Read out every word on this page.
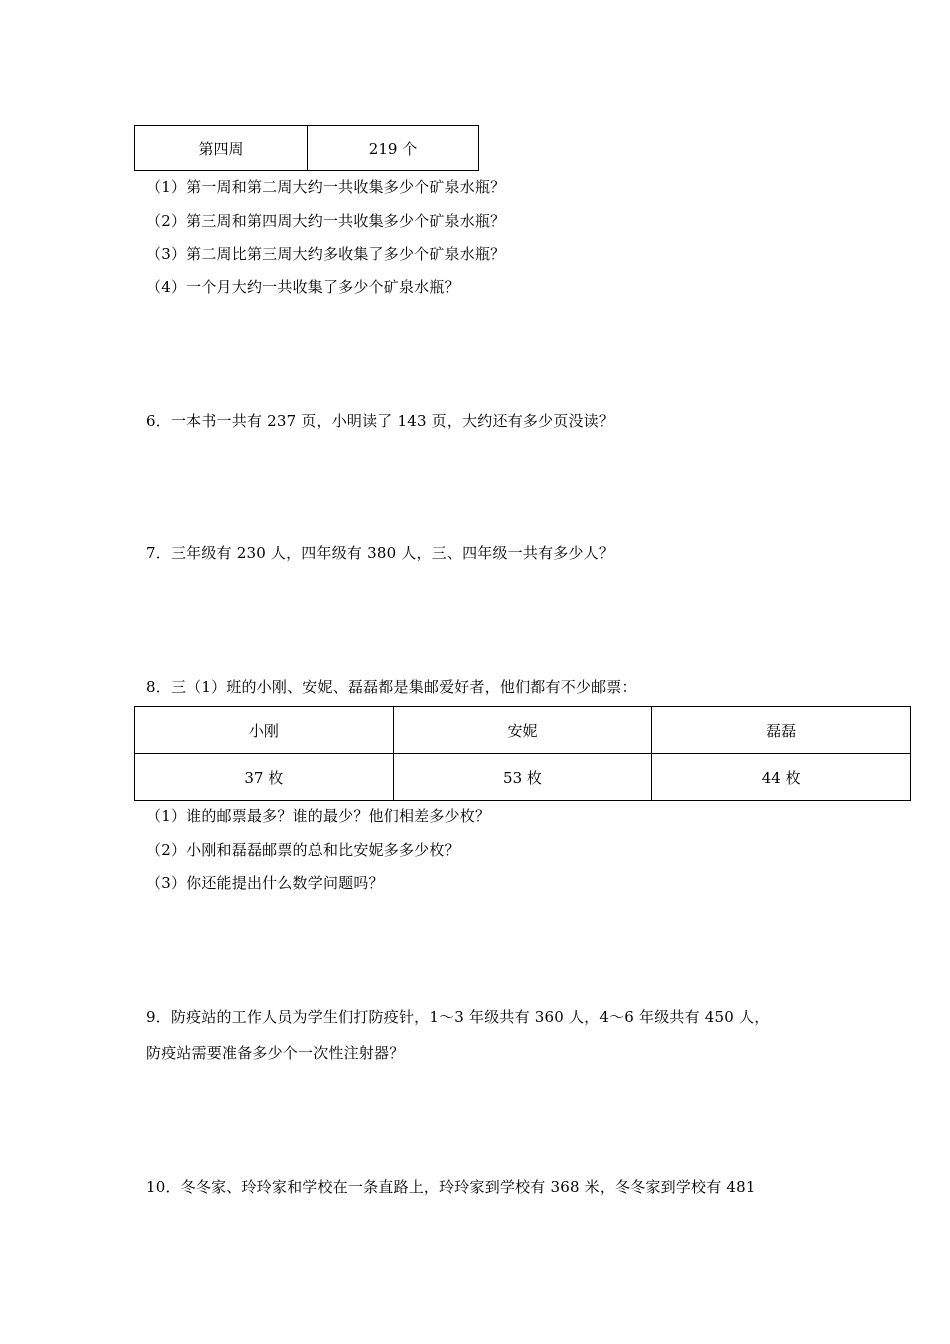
第四周	219 个
（1）第一周和第二周大约一共收集多少个矿泉水瓶？
（2）第三周和第四周大约一共收集多少个矿泉水瓶？
（3）第二周比第三周大约多收集了多少个矿泉水瓶？
（4）一个月大约一共收集了多少个矿泉水瓶？
6．一本书一共有 237 页，小明读了 143 页，大约还有多少页没读？
7．三年级有 230 人，四年级有 380 人，三、四年级一共有多少人？
8．三（1）班的小刚、安妮、磊磊都是集邮爱好者，他们都有不少邮票：
小刚	安妮	磊磊
37 枚	53 枚	44 枚
（1）谁的邮票最多？谁的最少？他们相差多少枚？
（2）小刚和磊磊邮票的总和比安妮多多少枚？
（3）你还能提出什么数学问题吗？
9．防疫站的工作人员为学生们打防疫针，1～3 年级共有 360 人，4～6 年级共有 450 人，
防疫站需要准备多少个一次性注射器？
10．冬冬家、玲玲家和学校在一条直路上，玲玲家到学校有 368 米，冬冬家到学校有 481
